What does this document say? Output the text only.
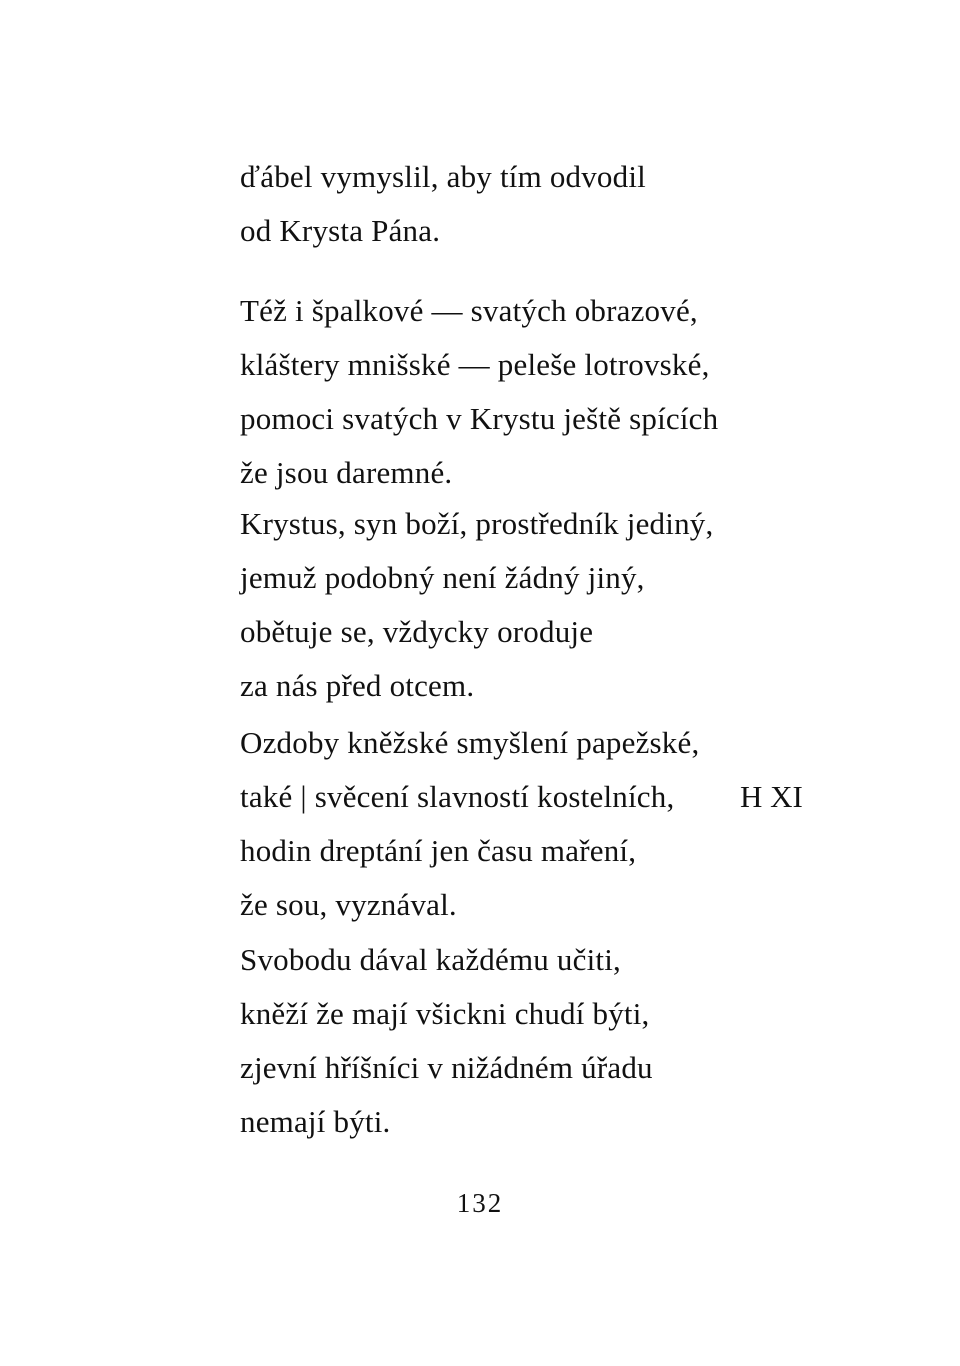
ďábel vymyslil, aby tím odvodil
od Krysta Pána.
Též i špalkové — svatých obrazové,
kláštery mnišské — peleše lotrovské,
pomoci svatých v Krystu ještě spících
že jsou daremné.
Krystus, syn boží, prostředník jediný,
jemuž podobný není žádný jiný,
obětuje se, vždycky oroduje
za nás před otcem.
Ozdoby kněžské smyšlení papežské,
také | svěcení slavností kostelních,
hodin dreptání jen času maření,
že sou, vyznával.
H XI
Svobodu dával každému učiti,
kněží že mají všickni chudí býti,
zjevní hříšníci v nižádném úřadu
nemají býti.
132
